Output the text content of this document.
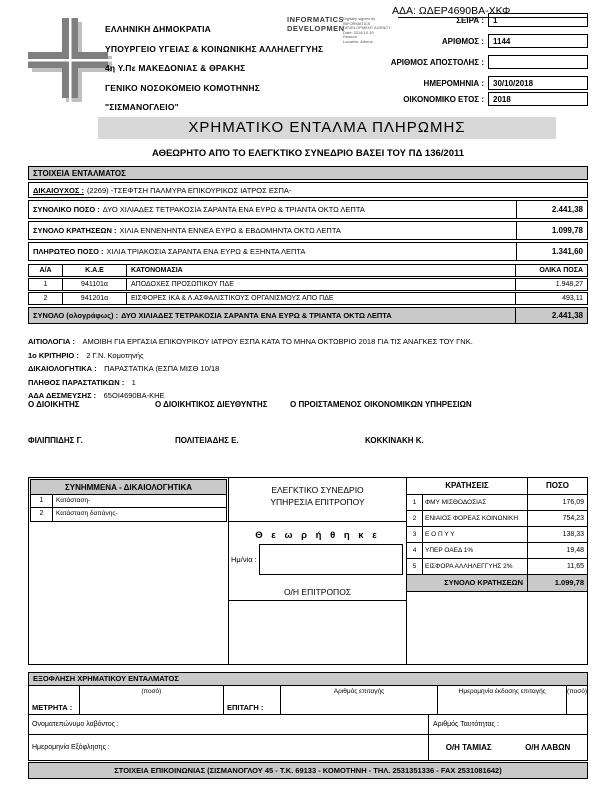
ΑΔΑ: ΩΔΕΡ4690ΒΑ-ΧΚΦ
ΕΛΛΗΝΙΚΗ ΔΗΜΟΚΡΑΤΙΑ
ΥΠΟΥΡΓΕΙΟ ΥΓΕΙΑΣ & ΚΟΙΝΩΝΙΚΗΣ ΑΛΛΗΛΕΓΓΥΗΣ
4η Υ.Πε ΜΑΚΕΔΟΝΙΑΣ & ΘΡΑΚΗΣ
ΓΕΝΙΚΟ ΝΟΣΟΚΟΜΕΙΟ ΚΟΜΟΤΗΝΗΣ
"ΣΙΣΜΑΝΟΓΛΕΙΟ"
INFORMATICS
DEVELOPMEN
Digitally signed by
INFORMATICS
DEVELOPMENT AGENCY
Date: 2018.10.30
Reason:
Location: Athens
ΣΕΙΡΑ :	1
ΑΡΙΘΜΟΣ :	1144
ΑΡΙΘΜΟΣ ΑΠΟΣΤΟΛΗΣ :
ΗΜΕΡΟΜΗΝΙΑ :	30/10/2018
ΟΙΚΟΝΟΜΙΚΟ ΕΤΟΣ :	2018
ΧΡΗΜΑΤΙΚΟ ΕΝΤΑΛΜΑ ΠΛΗΡΩΜΗΣ
ΑΘΕΩΡΗΤΟ ΑΠΌ ΤΟ ΕΛΕΓΚΤΙΚΟ ΣΥΝΕΔΡΙΟ ΒΑΣΕΙ ΤΟΥ ΠΔ 136/2011
ΣΤΟΙΧΕΙΑ ΕΝΤΑΛΜΑΤΟΣ
ΔΙΚΑΙΟΥΧΟΣ : (2269) -ΤΣΕΦΤΣΗ ΠΑΛΜΥΡΑ ΕΠΙΚΟΥΡΙΚΟΣ ΙΑΤΡΟΣ ΕΣΠΑ-
ΣΥΝΟΛΙΚΟ ΠΟΣΟ : ΔΥΟ ΧΙΛΙΑΔΕΣ ΤΕΤΡΑΚΟΣΙΑ ΣΑΡΑΝΤΑ ΕΝΑ ΕΥΡΩ & ΤΡΙΑΝΤΑ ΟΚΤΩ ΛΕΠΤΑ	2.441,38
ΣΥΝΟΛΟ ΚΡΑΤΗΣΕΩΝ : ΧΙΛΙΑ ΕΝΝΕΝΗΝΤΑ ΕΝΝΕΑ ΕΥΡΩ & ΕΒΔΟΜΗΝΤΑ ΟΚΤΩ ΛΕΠΤΑ	1.099,78
ΠΛΗΡΩΤΕΟ ΠΟΣΟ : ΧΙΛΙΑ ΤΡΙΑΚΟΣΙΑ ΣΑΡΑΝΤΑ ΕΝΑ ΕΥΡΩ & ΕΞΗΝΤΑ ΛΕΠΤΑ	1.341,60
Α/Α	Κ.Α.Ε	ΚΑΤΟΝΟΜΑΣΙΑ	ΟΛΙΚΑ ΠΟΣΑ
1	941101α	ΑΠΟΔΟΧΕΣ ΠΡΟΣΩΠΙΚΟΥ ΠΔΕ	1.948,27
2	941201α	ΕΙΣΦΟΡΕΣ ΙΚΑ & Λ.ΑΣΦΑΛΙΣΤΙΚΟΥΣ ΟΡΓΑΝΙΣΜΟΥΣ ΑΠΟ ΠΔΕ	493,11
ΣΥΝΟΛΟ (ολογράφως) : ΔΥΟ ΧΙΛΙΑΔΕΣ ΤΕΤΡΑΚΟΣΙΑ ΣΑΡΑΝΤΑ ΕΝΑ ΕΥΡΩ & ΤΡΙΑΝΤΑ ΟΚΤΩ ΛΕΠΤΑ	2.441,38
ΑΙΤΙΟΛΟΓΙΑ : ΑΜΟΙΒΗ ΓΙΑ ΕΡΓΑΣΙΑ ΕΠΙΚΟΥΡΙΚΟΥ ΙΑΤΡΟΥ ΕΣΠΑ ΚΑΤΑ ΤΟ ΜΗΝΑ ΟΚΤΩΒΡΙΟ 2018 ΓΙΑ ΤΙΣ ΑΝΑΓΚΕΣ ΤΟΥ ΓΝΚ.
1ο ΚΡΙΤΗΡΙΟ : 2 Γ.Ν. Κομοτηνής
ΔΙΚΑΙΟΛΟΓΗΤΙΚΑ : ΠΑΡΑΣΤΑΤΙΚΑ (ΕΣΠΑ ΜΙΣΘ 10/18
ΠΛΗΘΟΣ ΠΑΡΑΣΤΑΤΙΚΩΝ : 1
ΑΔΑ ΔΕΣΜΕΥΣΗΣ : 65ΟΙ4690ΒΑ-ΚΗΕ
Ο ΔΙΟΙΚΗΤΗΣ	Ο ΔΙΟΙΚΗΤΙΚΟΣ ΔΙΕΥΘΥΝΤΗΣ	Ο ΠΡΟΙΣΤΑΜΕΝΟΣ ΟΙΚΟΝΟΜΙΚΩΝ ΥΠΗΡΕΣΙΩΝ
ΦΙΛΙΠΠΙΔΗΣ Γ.	ΠΟΛΙΤΕΙΑΔΗΣ Ε.	ΚΟΚΚΙΝΑΚΗ Κ.
ΣΥΝΗΜΜΕΝΑ - ΔΙΚΑΙΟΛΟΓΗΤΙΚΑ
1	Κατάσταση-
2	Κατάσταση δαπάνης-
ΕΛΕΓΚΤΙΚΟ ΣΥΝΕΔΡΙΟ
ΥΠΗΡΕΣΙΑ ΕΠΙΤΡΟΠΟΥ
Θ ε ω ρ ή θ η κ ε
Ημ/νία :
Ο/Η ΕΠΙΤΡΟΠΟΣ
ΚΡΑΤΗΣΕΙΣ	ΠΟΣΟ
1	ΦΜΥ ΜΙΣΘΟΔΟΣΙΑΣ	176,09
2	ΕΝΙΑΙΟΣ ΦΟΡΕΑΣ ΚΟΙΝΩΝΙΚΗ	754,23
3	Ε Ο Π Υ Υ	138,33
4	ΥΠΕΡ ΟΑΕΔ 1%	19,48
5	ΕΙΣΦΟΡΑ ΑΛΛΗΛΕΓΓΥΗΣ 2%	11,65
ΣΥΝΟΛΟ ΚΡΑΤΗΣΕΩΝ	1.099,78
ΕΞΟΦΛΗΣΗ ΧΡΗΜΑΤΙΚΟΥ ΕΝΤΑΛΜΑΤΟΣ
ΜΕΤΡΗΤΑ :
(ποσό)
ΕΠΙΤΑΓΗ :
Αριθμός επιταγής	Ημερομηνία έκδοσης επιταγής	(ποσό)
Ονοματεπώνυμο λαβόντος :	Αριθμός Ταυτότητας :
Ημερομηνία Εξόφλησης :	Ο/Η ΤΑΜΙΑΣ	Ο/Η ΛΑΒΩΝ
ΣΤΟΙΧΕΙΑ ΕΠΙΚΟΙΝΩΝΙΑΣ (ΣΙΣΜΑΝΟΓΛΟΥ 45 - Τ.Κ. 69133 - ΚΟΜΟΤΗΝΗ - ΤΗΛ. 2531351336 - FAX 2531081642)
